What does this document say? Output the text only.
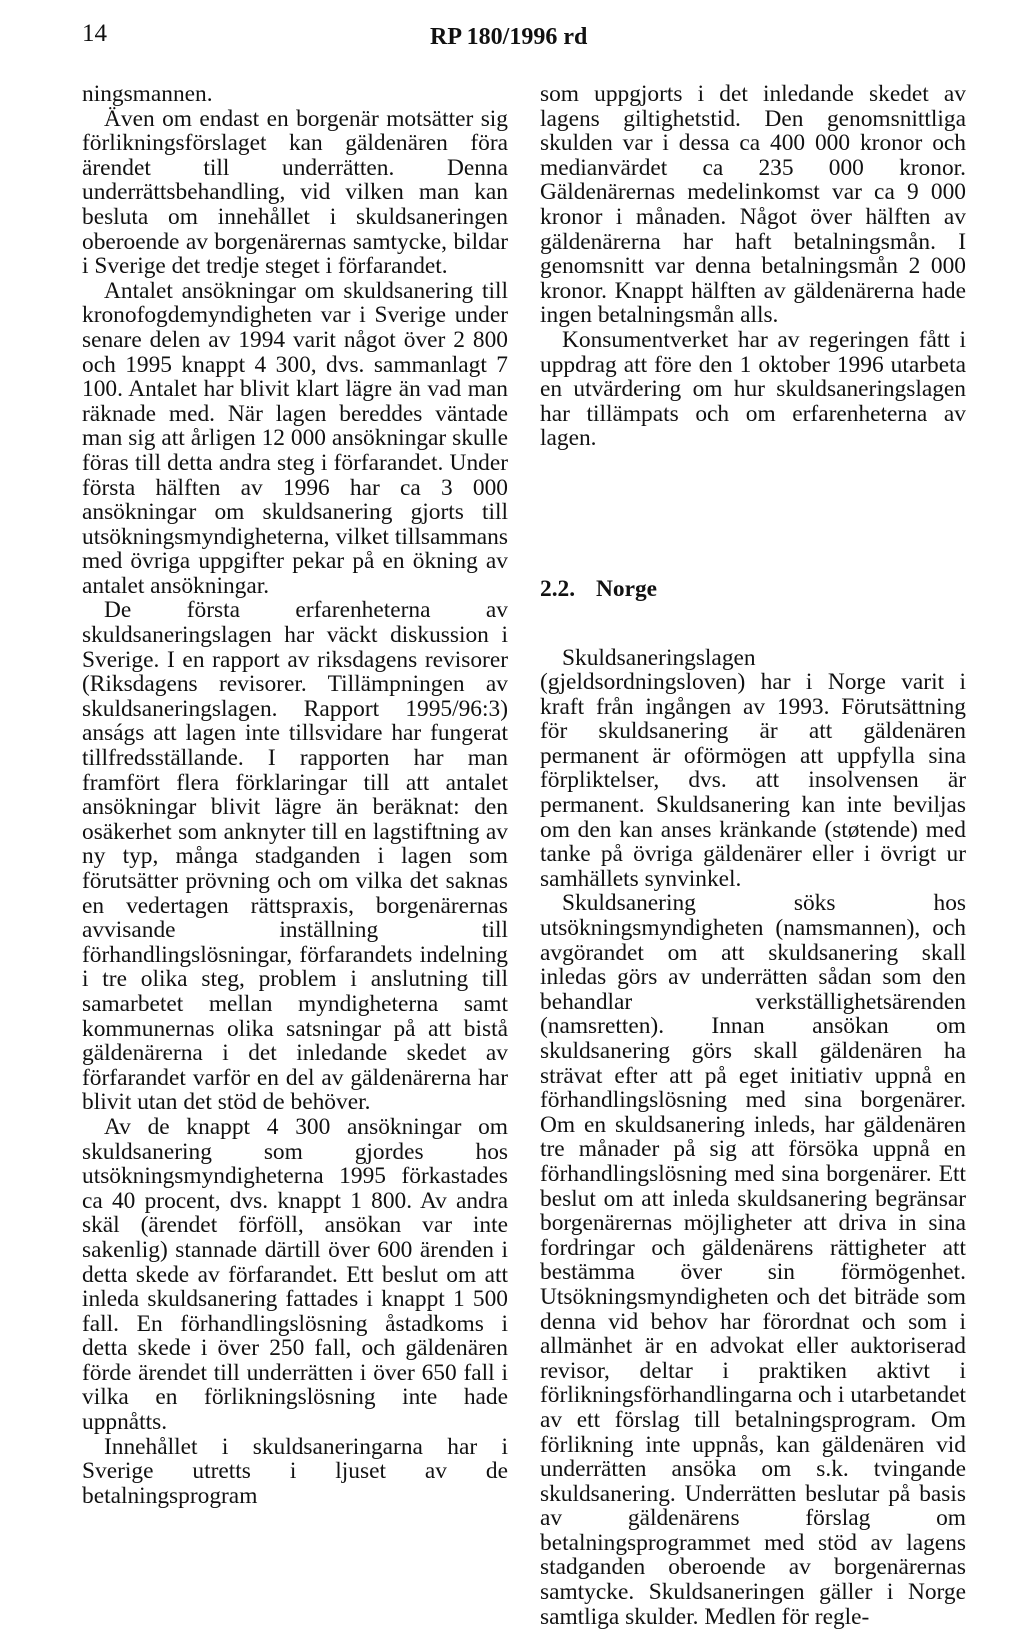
14	RP 180/1996 rd

ningsmannen.

Även om endast en borgenär motsätter sig förlikningsförslaget kan gäldenären föra ärendet till underrätten. Denna underrättsbehandling, vid vilken man kan besluta om innehållet i skuldsaneringen oberoende av borgenärernas samtycke, bildar i Sverige det tredje steget i förfarandet.

Antalet ansökningar om skuldsanering till kronofogdemyndigheten var i Sverige under senare delen av 1994 varit något över 2 800 och 1995 knappt 4 300, dvs. sammanlagt 7 100. Antalet har blivit klart lägre än vad man räknade med. När lagen bereddes väntade man sig att årligen 12 000 ansökningar skulle föras till detta andra steg i förfarandet. Under första hälften av 1996 har ca 3 000 ansökningar om skuldsanering gjorts till utsökningsmyndigheterna, vilket tillsammans med övriga uppgifter pekar på en ökning av antalet ansökningar.

De första erfarenheterna av skuldsaneringslagen har väckt diskussion i Sverige. I en rapport av riksdagens revisorer (Riksdagens revisorer. Tillämpningen av skuldsaneringslagen. Rapport 1995/96:3) anságs att lagen inte tillsvidare har fungerat tillfredsställande. I rapporten har man framfört flera förklaringar till att antalet ansökningar blivit lägre än beräknat: den osäkerhet som anknyter till en lagstiftning av ny typ, många stadganden i lagen som förutsätter prövning och om vilka det saknas en vedertagen rättspraxis, borgenärernas avvisande inställning till förhandlingslösningar, förfarandets indelning i tre olika steg, problem i anslutning till samarbetet mellan myndigheterna samt kommunernas olika satsningar på att bistå gäldenärerna i det inledande skedet av förfarandet varför en del av gäldenärerna har blivit utan det stöd de behöver.

Av de knappt 4 300 ansökningar om skuldsanering som gjordes hos utsökningsmyndigheterna 1995 förkastades ca 40 procent, dvs. knappt 1 800. Av andra skäl (ärendet förföll, ansökan var inte sakenlig) stannade därtill över 600 ärenden i detta skede av förfarandet. Ett beslut om att inleda skuldsanering fattades i knappt 1 500 fall. En förhandlingslösning åstadkoms i detta skede i över 250 fall, och gäldenären förde ärendet till underrätten i över 650 fall i vilka en förlikningslösning inte hade uppnåtts.

Innehållet i skuldsaneringarna har i Sverige utretts i ljuset av de betalningsprogram

som uppgjorts i det inledande skedet av lagens giltighetstid. Den genomsnittliga skulden var i dessa ca 400 000 kronor och medianvärdet ca 235 000 kronor. Gäldenärernas medelinkomst var ca 9 000 kronor i månaden. Något över hälften av gäldenärerna har haft betalningsmån. I genomsnitt var denna betalningsmån 2 000 kronor. Knappt hälften av gäldenärerna hade ingen betalningsmån alls.

Konsumentverket har av regeringen fått i uppdrag att före den 1 oktober 1996 utarbeta en utvärdering om hur skuldsaneringslagen har tillämpats och om erfarenheterna av lagen.

2.2. Norge

Skuldsaneringslagen (gjeldsordningsloven) har i Norge varit i kraft från ingången av 1993. Förutsättning för skuldsanering är att gäldenären permanent är oförmögen att uppfylla sina förpliktelser, dvs. att insolvensen är permanent. Skuldsanering kan inte beviljas om den kan anses kränkande (støtende) med tanke på övriga gäldenärer eller i övrigt ur samhällets synvinkel.

Skuldsanering söks hos utsökningsmyndigheten (namsmannen), och avgörandet om att skuldsanering skall inledas görs av underrätten sådan som den behandlar verkställighetsärenden (namsretten). Innan ansökan om skuldsanering görs skall gäldenären ha strävat efter att på eget initiativ uppnå en förhandlingslösning med sina borgenärer. Om en skuldsanering inleds, har gäldenären tre månader på sig att försöka uppnå en förhandlingslösning med sina borgenärer. Ett beslut om att inleda skuldsanering begränsar borgenärernas möjligheter att driva in sina fordringar och gäldenärens rättigheter att bestämma över sin förmögenhet. Utsökningsmyndigheten och det biträde som denna vid behov har förordnat och som i allmänhet är en advokat eller auktoriserad revisor, deltar i praktiken aktivt i förlikningsförhandlingarna och i utarbetandet av ett förslag till betalningsprogram. Om förlikning inte uppnås, kan gäldenären vid underrätten ansöka om s.k. tvingande skuldsanering. Underrätten beslutar på basis av gäldenärens förslag om betalningsprogrammet med stöd av lagens stadganden oberoende av borgenärernas samtycke. Skuldsaneringen gäller i Norge samtliga skulder. Medlen för regle-
